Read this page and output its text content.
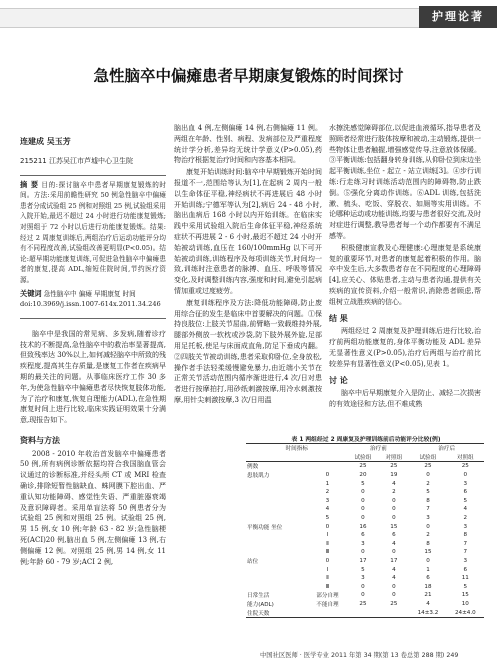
护理论著
急性脑卒中偏瘫患者早期康复锻炼的时间探讨
连建成 吴玉芳
215211 江苏吴江市芦墟中心卫生院
摘 要 目的:探讨脑卒中患者早期康复锻炼的时间。方法:采用前瞻性研究 50 例急性脑卒中偏瘫患者分成试验组 25 例和对照组 25 例,试验组采用入院开始,最迟不超过 24 小时进行功能康复锻炼;对照组于 72 小时以后进行功能康复锻炼。结果:经过 2 周康复训练后,两组治疗后运动功能评分均有不同程度改善,试验组改善更明显(P<0.05)。结论:超早期功能康复训练,可促进急性脑卒中偏瘫患者的康复,提高 ADL,缩短住院时间,节约医疗资源。
关键词 急性脑卒中 偏瘫 早期康复 时间
doi:10.3969/j.issn.1007-614x.2011.34.246

脑卒中是我国的常见病、多发病,随着诊疗技术的不断提高,急性脑卒中的救治率显著提高,但致残率达 30%以上,如何减轻脑卒中所致的残疾程度,提高其生存质量,是康复工作者在疾病早期的最关注的问题。从事临床医疗工作 30 多年,为使急性脑卒中偏瘫患者尽快恢复肢体功能,为了治疗和康复,恢复自理能力(ADL),在急性期康复时间上进行比较,临床实践证明效果十分满意,现报告如下。

资料与方法

2008 - 2010 年收治首发脑卒中偏瘫患者 50 例,所有病例诊断依据均符合我国脑血管会议通过的诊断标准,并经头颅 CT 或 MRI 检查确诊,排除短暂性脑缺血、蛛网膜下腔出血、严重认知功能障碍、感觉性失语、严重脏器衰竭及意识障碍者。采用单盲法将 50 例患者分为试验组 25 例和对照组 25 例。试验组 25 例,男 15 例,女 10 例;年龄 63 - 82 岁;急性脑梗死(ACI)20 例,脑出血 5 例,左侧偏瘫 13 例,右侧偏瘫 12 例。对照组 25 例,男 14 例,女 11 例;年龄 60 - 79 岁;ACI 2 例,

脑出血 4 例,左侧偏瘫 14 例,右侧偏瘫 11 例。两组在年龄、性别、病程、发病部位及严重程度统计学分析,差异均无统计学意义(P>0.05),药物治疗根据复治疗时间和内容基本相同。

康复开始训练时间:脑卒中早期锻炼开始时间报道不一,范围给等认为[1],在起病 2 周内一般以生命体征平稳,神经病状不再进展后 48 小时开始训练;宁德军等认为[2],病后 24 - 48 小时,脑出血病后 168 小时以内开始训练。在临床实践中采用试验组入院后生命体征平稳,神经系统症状不再进展 2 - 6 小时,最迟不超过 24 小时开始被动训练,血压在 160/100mmHg 以下可开始被动训练,训练程序及每项训练关节,时间均一致,训练时注意患者的脉搏、血压、呼吸等情况变化,及时调整训练内容,强度和时间,避免引起病情加重或过度疲劳。

康复训练程序及方法:降低功能障碍,防止废用综合征的发生是临床中首要解决的问题。①保持良肢位:上肢关节屈曲,前臂略一致载维持外展,腿部外侧放一软枕或沙袋,防下肢外展外旋,足部用足托板,使足与床面成直角,防足下垂成内翻。②四肢关节被动训练,患者采取仰卧位,全身放松,操作者手法轻柔缓慢避免暴力,由近端小关节在正常关节活动范围内循序渐进进行,4 次/日对患者进行按摩拍打,用砂纸刺激按摩,用冷水刺激按摩,用针尖刺激按摩,3 次/日用温

水擦洗感觉障碍部位,以促进血液循环,指导患者及照顾者经常进行肢体按摩和被动,主动锻炼,提供一些物体让患者触握,增强感觉传导,注意放体保暖。③平衡训练:包括翻身转身训练,从仰卧位到床边坐起平衡训练,坐位 - 起立 - 站立训练[3]。④步行训练:行走练习时训练活动范围内的障碍物,防止跌倒。⑤强化分离动作训练。⑥ADL 训练,包括洗漱、梳头、吃饭、穿脱衣、如厕等实用训练。不论哪种运动或功能训练,均要与患者很好交流,及时对症进行调整,教导患者每一个动作都要有不满足感等。

积极健康宣教及心理健康:心理康复是系统康复的重要环节,对患者的康复起着积极的作用。脑卒中发生后,大多数患者存在不同程度的心理障碍[4],应关心、体贴患者,主动与患者沟通,提供有关疾病的宣传资料,介绍一般常识,消除患者顾虑,帮组树立战胜疾病的信心。

结 果

两组经过 2 周康复及护理训练后进行比较,治疗前两组功能康复的,身体平衡功能及 ADL 差异无显著性意义(P>0.05),治疗后两组与治疗前比较差异有显著性意义(P<0.05),见表 1。

讨 论

脑卒中后早期康复介入是防止、减轻二次损害的有效途径和方法,但不难成熟

表 1 两组经过 2 周康复及护理训练前后功能评分比较(例)
时间指标		治疗前		治疗后	
		试验组	对照组	试验组	对照组
例数		25	25	25	25
患肢肌力	0	20	19	0	0
	1	5	4	2	3
	2	0	2	5	6
	3	0	0	8	5
	4	0	0	7	4
	5	0	0	3	2
平衡功能 坐位	0	16	15	0	3
	Ⅰ	6	6	2	8
	Ⅱ	3	4	8	7
	Ⅲ	0	0	15	7
站位	0	17	17	0	3
	Ⅰ	5	4	1	6
	Ⅱ	3	4	6	11
	Ⅲ	0	0	18	5
日常生活	部分自理	0	0	21	15
能力(ADL)	不能自理	25	25	4	10
住院天数				14±3.2	24±4.0
中国社区医师 · 医学专业 2011 年第 34 期(第 13 卷总第 288 期) 249
